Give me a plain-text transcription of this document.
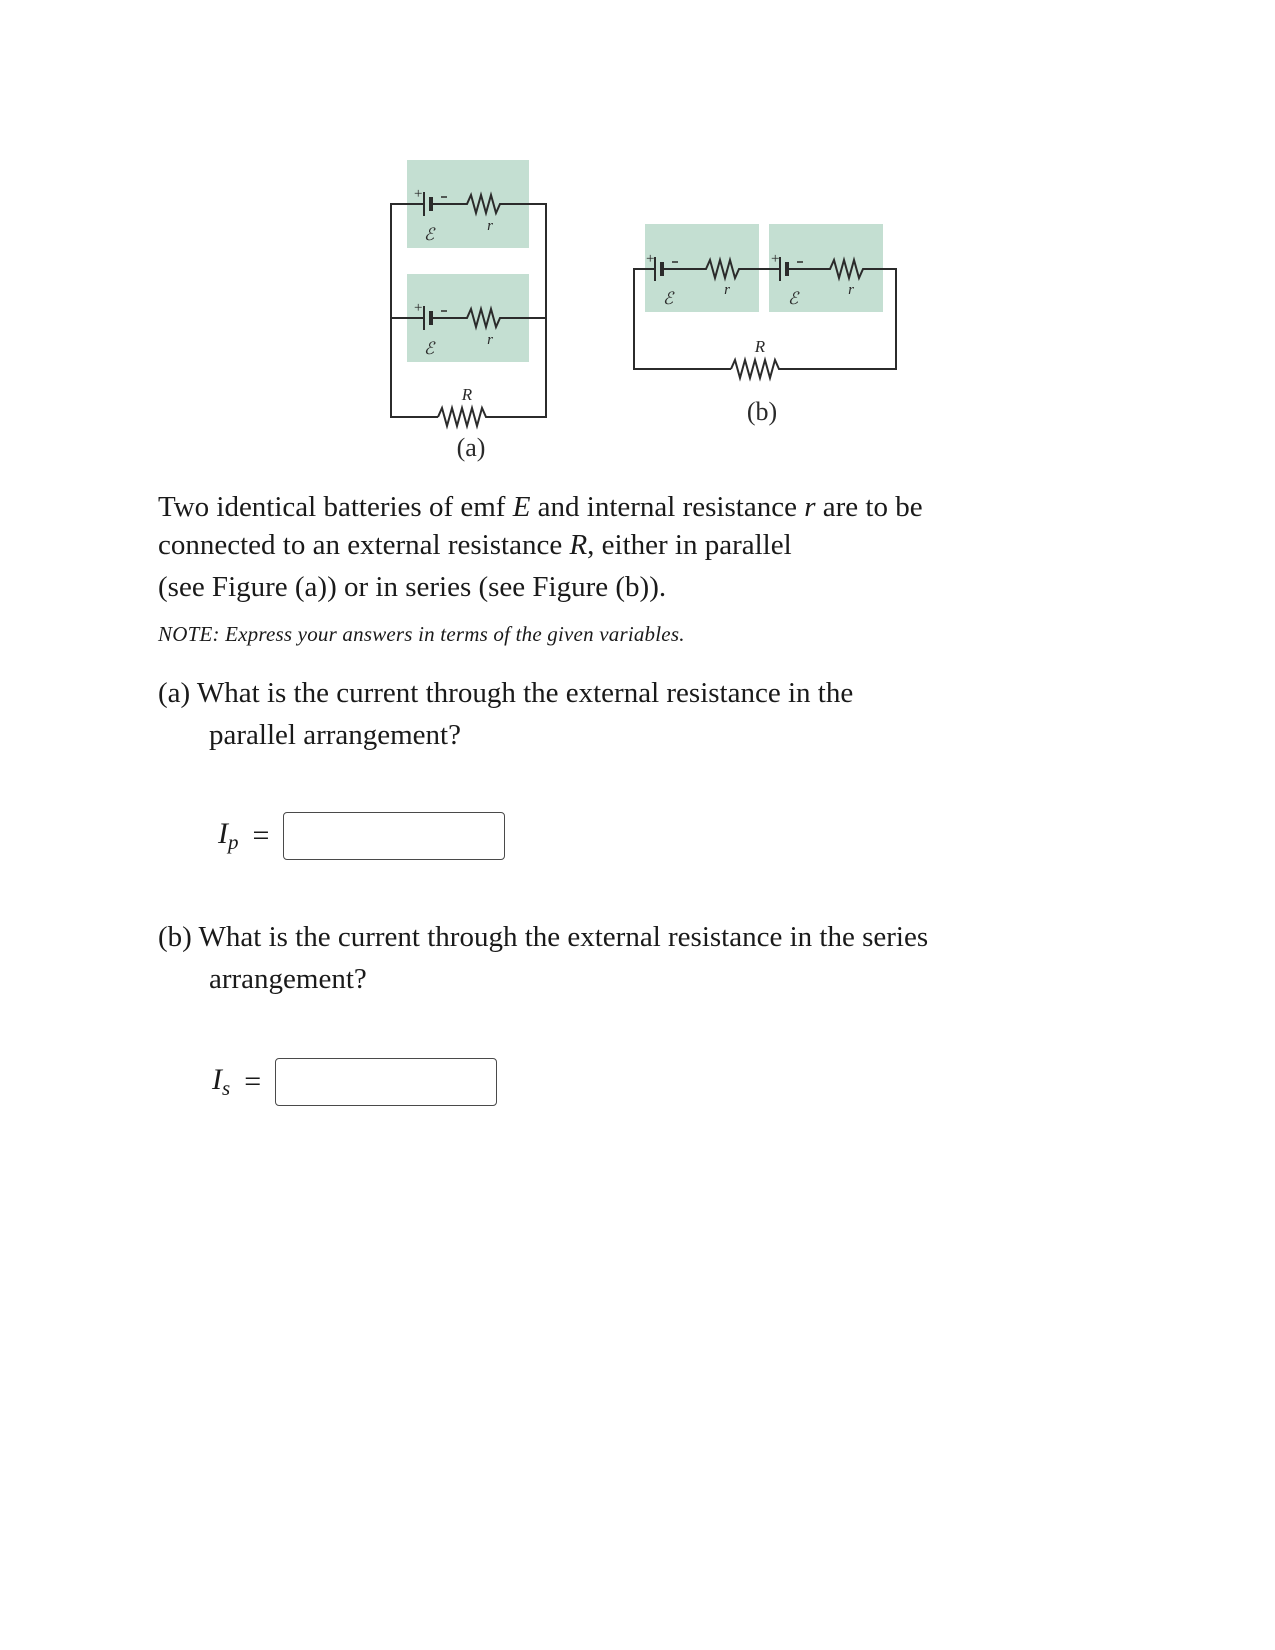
+
ℰ	r
+
ℰ	r
R
(a)
+
ℰ	r
+
ℰ	r
R
(b)
Two identical batteries of emf E and internal resistance r are to be
connected to an external resistance R, either in parallel
(see Figure (a)) or in series (see Figure (b)).
NOTE: Express your answers in terms of the given variables.
(a) What is the current through the external resistance in the
parallel arrangement?
$I_p$ =
(b) What is the current through the external resistance in the series
arrangement?
$I_s$ =
